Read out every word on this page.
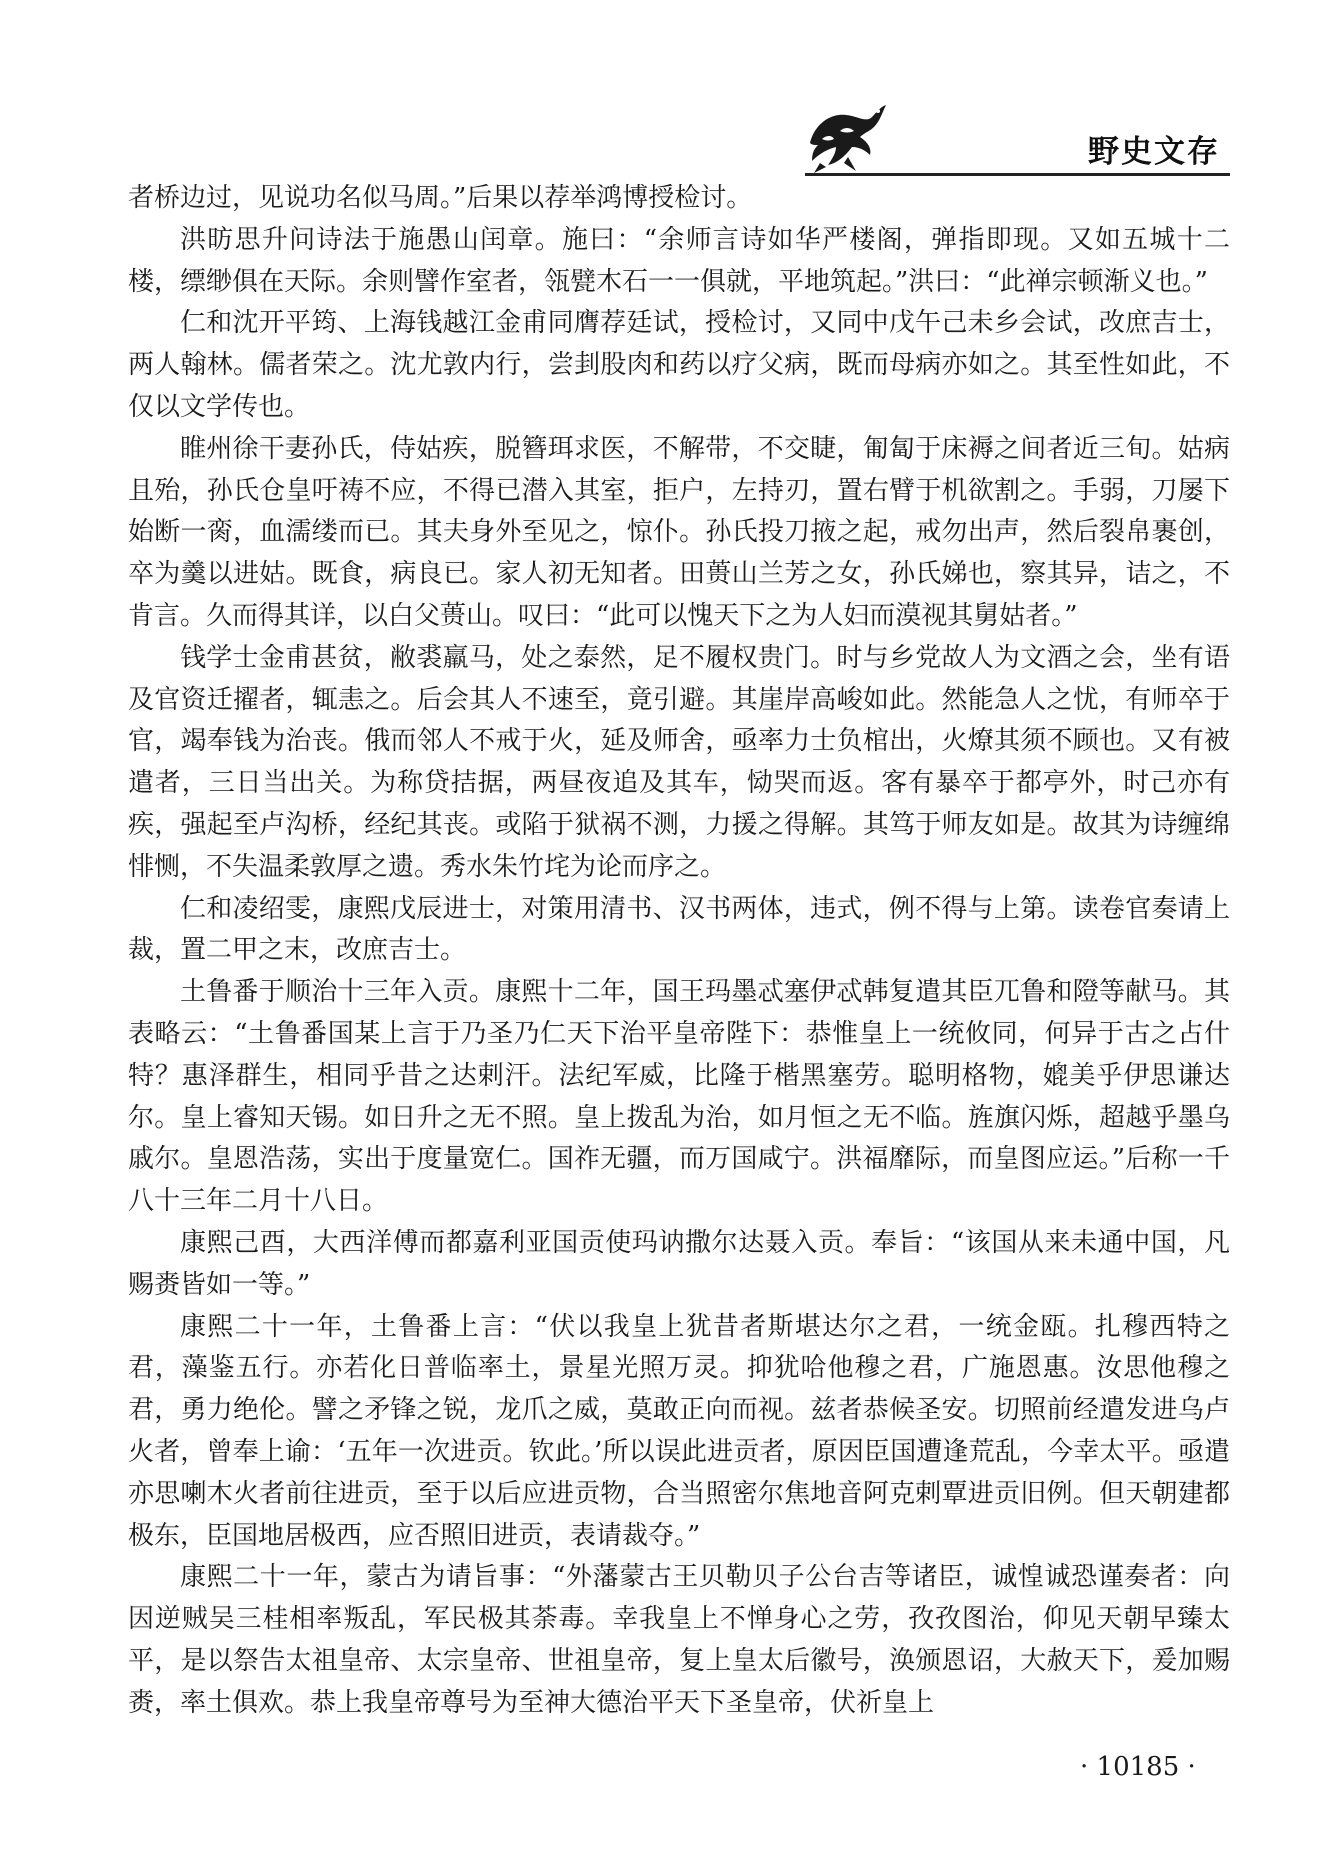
野史文存

者桥边过，见说功名似马周。”后果以荐举鸿博授检讨。

洪昉思升问诗法于施愚山闰章。施曰：“余师言诗如华严楼阁，弹指即现。又如五城十二楼，缥缈俱在天际。余则譬作室者，瓴甓木石一一俱就，平地筑起。”洪曰：“此禅宗顿渐义也。”

仁和沈开平筠、上海钱越江金甫同膺荐廷试，授检讨，又同中戊午己未乡会试，改庶吉士，两人翰林。儒者荣之。沈尤敦内行，尝刲股肉和药以疗父病，既而母病亦如之。其至性如此，不仅以文学传也。

睢州徐干妻孙氏，侍姑疾，脱簪珥求医，不解带，不交睫，匍匐于床褥之间者近三旬。姑病且殆，孙氏仓皇吁祷不应，不得已潜入其室，拒户，左持刃，置右臂于机欲割之。手弱，刀屡下始断一脔，血濡缕而已。其夫身外至见之，惊仆。孙氏投刀掖之起，戒勿出声，然后裂帛裹创，卒为羹以进姑。既食，病良已。家人初无知者。田蒉山兰芳之女，孙氏娣也，察其异，诘之，不肯言。久而得其详，以白父蒉山。叹曰：“此可以愧天下之为人妇而漠视其舅姑者。”

钱学士金甫甚贫，敝裘羸马，处之泰然，足不履权贵门。时与乡党故人为文酒之会，坐有语及官资迁擢者，辄恚之。后会其人不速至，竟引避。其崖岸高峻如此。然能急人之忧，有师卒于官，竭奉钱为治丧。俄而邻人不戒于火，延及师舍，亟率力士负棺出，火燎其须不顾也。又有被遣者，三日当出关。为称贷拮据，两昼夜追及其车，恸哭而返。客有暴卒于都亭外，时己亦有疾，强起至卢沟桥，经纪其丧。或陷于狱祸不测，力援之得解。其笃于师友如是。故其为诗缠绵悱恻，不失温柔敦厚之遗。秀水朱竹垞为论而序之。

仁和凌绍雯，康熙戊辰进士，对策用清书、汉书两体，违式，例不得与上第。读卷官奏请上裁，置二甲之末，改庶吉士。

土鲁番于顺治十三年入贡。康熙十二年，国王玛墨忒塞伊忒韩复遣其臣兀鲁和隥等献马。其表略云：“土鲁番国某上言于乃圣乃仁天下治平皇帝陛下：恭惟皇上一统攸同，何异于古之占什特？惠泽群生，相同乎昔之达剌汗。法纪军威，比隆于楷黑塞劳。聪明格物，媲美乎伊思谦达尔。皇上睿知天锡。如日升之无不照。皇上拨乱为治，如月恒之无不临。旌旗闪烁，超越乎墨乌戚尔。皇恩浩荡，实出于度量宽仁。国祚无疆，而万国咸宁。洪福靡际，而皇图应运。”后称一千八十三年二月十八日。

康熙己酉，大西洋傅而都嘉利亚国贡使玛讷撒尔达聂入贡。奉旨：“该国从来未通中国，凡赐赉皆如一等。”

康熙二十一年，土鲁番上言：“伏以我皇上犹昔者斯堪达尔之君，一统金瓯。扎穆西特之君，藻鉴五行。亦若化日普临率土，景星光照万灵。抑犹哈他穆之君，广施恩惠。汝思他穆之君，勇力绝伦。譬之矛锋之锐，龙爪之威，莫敢正向而视。兹者恭候圣安。切照前经遣发进乌卢火者，曾奉上谕：‘五年一次进贡。钦此。’所以误此进贡者，原因臣国遭逢荒乱，今幸太平。亟遣亦思喇木火者前往进贡，至于以后应进贡物，合当照密尔焦地音阿克剌覃进贡旧例。但天朝建都极东，臣国地居极西，应否照旧进贡，表请裁夺。”

康熙二十一年，蒙古为请旨事：“外藩蒙古王贝勒贝子公台吉等诸臣，诚惶诚恐谨奏者：向因逆贼吴三桂相率叛乱，军民极其荼毒。幸我皇上不惮身心之劳，孜孜图治，仰见天朝早臻太平，是以祭告太祖皇帝、太宗皇帝、世祖皇帝，复上皇太后徽号，涣颁恩诏，大赦天下，爰加赐赉，率土俱欢。恭上我皇帝尊号为至神大德治平天下圣皇帝，伏祈皇上

· 10185 ·
